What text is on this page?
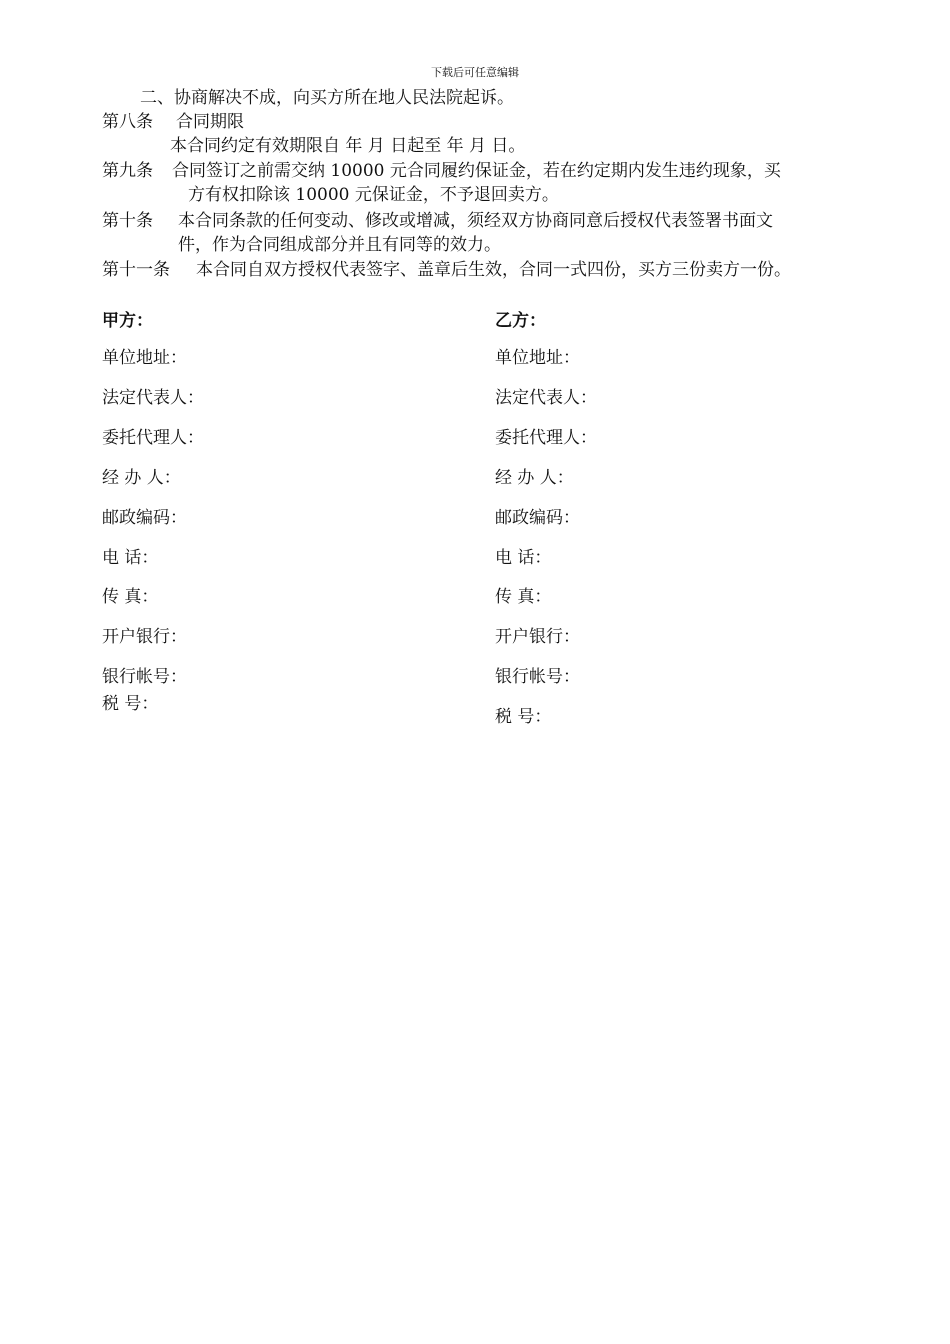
下载后可任意编辑
二、协商解决不成，向买方所在地人民法院起诉。
第八条 合同期限
本合同约定有效期限自 年 月 日起至 年 月 日。
第九条 合同签订之前需交纳 10000 元合同履约保证金，若在约定期内发生违约现象，买
方有权扣除该 10000 元保证金，不予退回卖方。
第十条 本合同条款的任何变动、修改或增减，须经双方协商同意后授权代表签署书面文
件，作为合同组成部分并且有同等的效力。
第十一条 本合同自双方授权代表签字、盖章后生效，合同一式四份，买方三份卖方一份。
甲方：
单位地址：
法定代表人：
委托代理人：
经 办 人：
邮政编码：
电 话：
传 真：
开户银行：
银行帐号：
税 号：
乙方：
单位地址：
法定代表人：
委托代理人：
经 办 人：
邮政编码：
电 话：
传 真：
开户银行：
银行帐号：
税 号：
